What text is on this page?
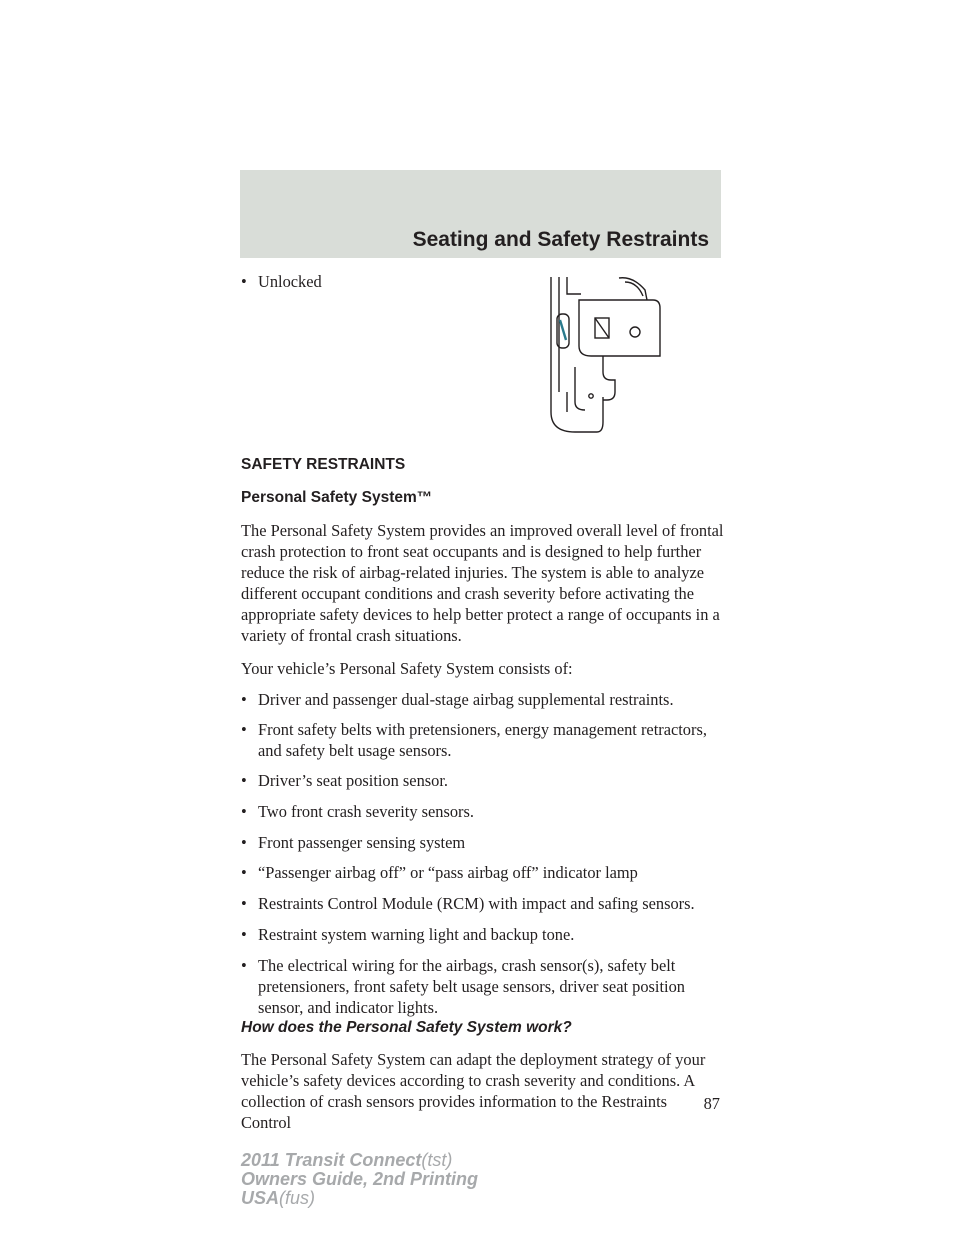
Seating and Safety Restraints
• Unlocked
SAFETY RESTRAINTS
Personal Safety System™
The Personal Safety System provides an improved overall level of frontal crash protection to front seat occupants and is designed to help further reduce the risk of airbag-related injuries. The system is able to analyze different occupant conditions and crash severity before activating the appropriate safety devices to help better protect a range of occupants in a variety of frontal crash situations.
Your vehicle’s Personal Safety System consists of:
• Driver and passenger dual-stage airbag supplemental restraints.
• Front safety belts with pretensioners, energy management retractors, and safety belt usage sensors.
• Driver’s seat position sensor.
• Two front crash severity sensors.
• Front passenger sensing system
• “Passenger airbag off” or “pass airbag off” indicator lamp
• Restraints Control Module (RCM) with impact and safing sensors.
• Restraint system warning light and backup tone.
• The electrical wiring for the airbags, crash sensor(s), safety belt pretensioners, front safety belt usage sensors, driver seat position sensor, and indicator lights.
How does the Personal Safety System work?
The Personal Safety System can adapt the deployment strategy of your vehicle’s safety devices according to crash severity and conditions. A collection of crash sensors provides information to the Restraints Control
87
2011 Transit Connect(tst)
Owners Guide, 2nd Printing
USA(fus)
